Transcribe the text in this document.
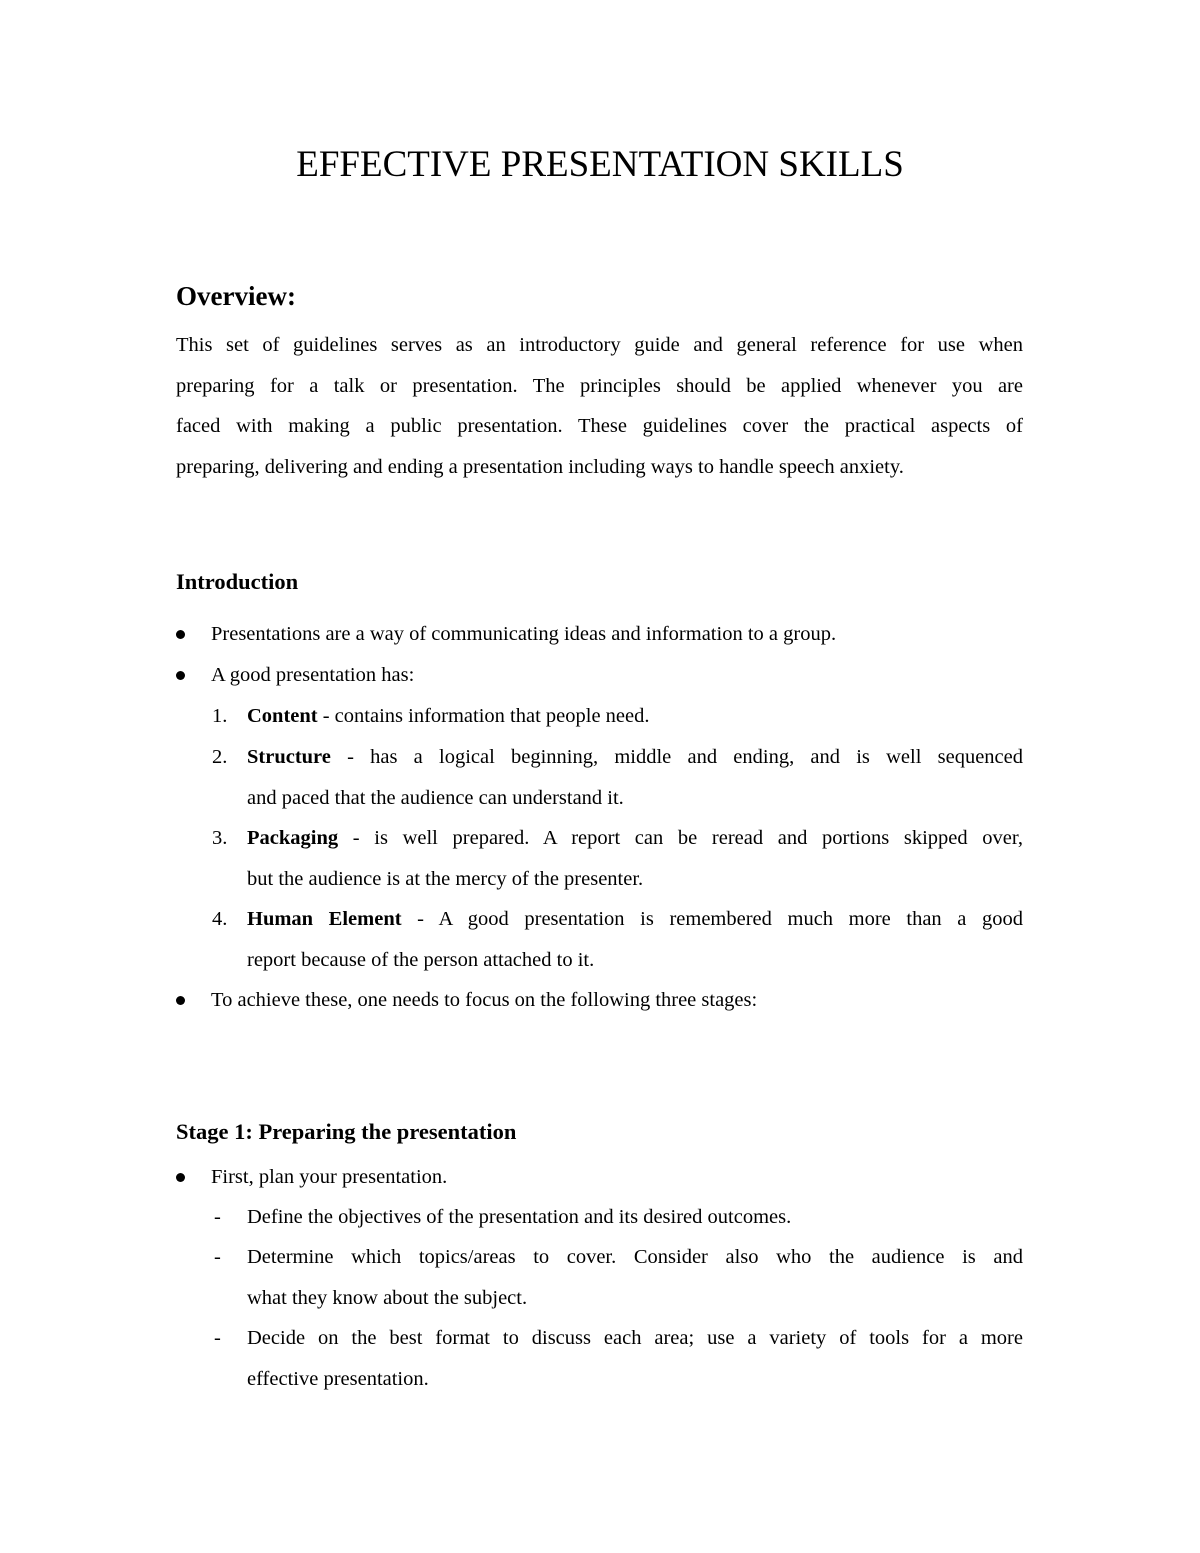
EFFECTIVE PRESENTATION SKILLS
Overview:

This set of guidelines serves as an introductory guide and general reference for use when
preparing for a talk or presentation. The principles should be applied whenever you are
faced with making a public presentation. These guidelines cover the practical aspects of
preparing, delivering and ending a presentation including ways to handle speech anxiety.

Introduction
Presentations are a way of communicating ideas and information to a group.
A good presentation has:
1. Content - contains information that people need.
2. Structure - has a logical beginning, middle and ending, and is well sequenced
and paced that the audience can understand it.
3. Packaging - is well prepared. A report can be reread and portions skipped over,
but the audience is at the mercy of the presenter.
4. Human Element - A good presentation is remembered much more than a good
report because of the person attached to it.
To achieve these, one needs to focus on the following three stages:
Stage 1: Preparing the presentation
First, plan your presentation.
- Define the objectives of the presentation and its desired outcomes.
- Determine which topics/areas to cover. Consider also who the audience is and
what they know about the subject.
- Decide on the best format to discuss each area; use a variety of tools for a more
effective presentation.
